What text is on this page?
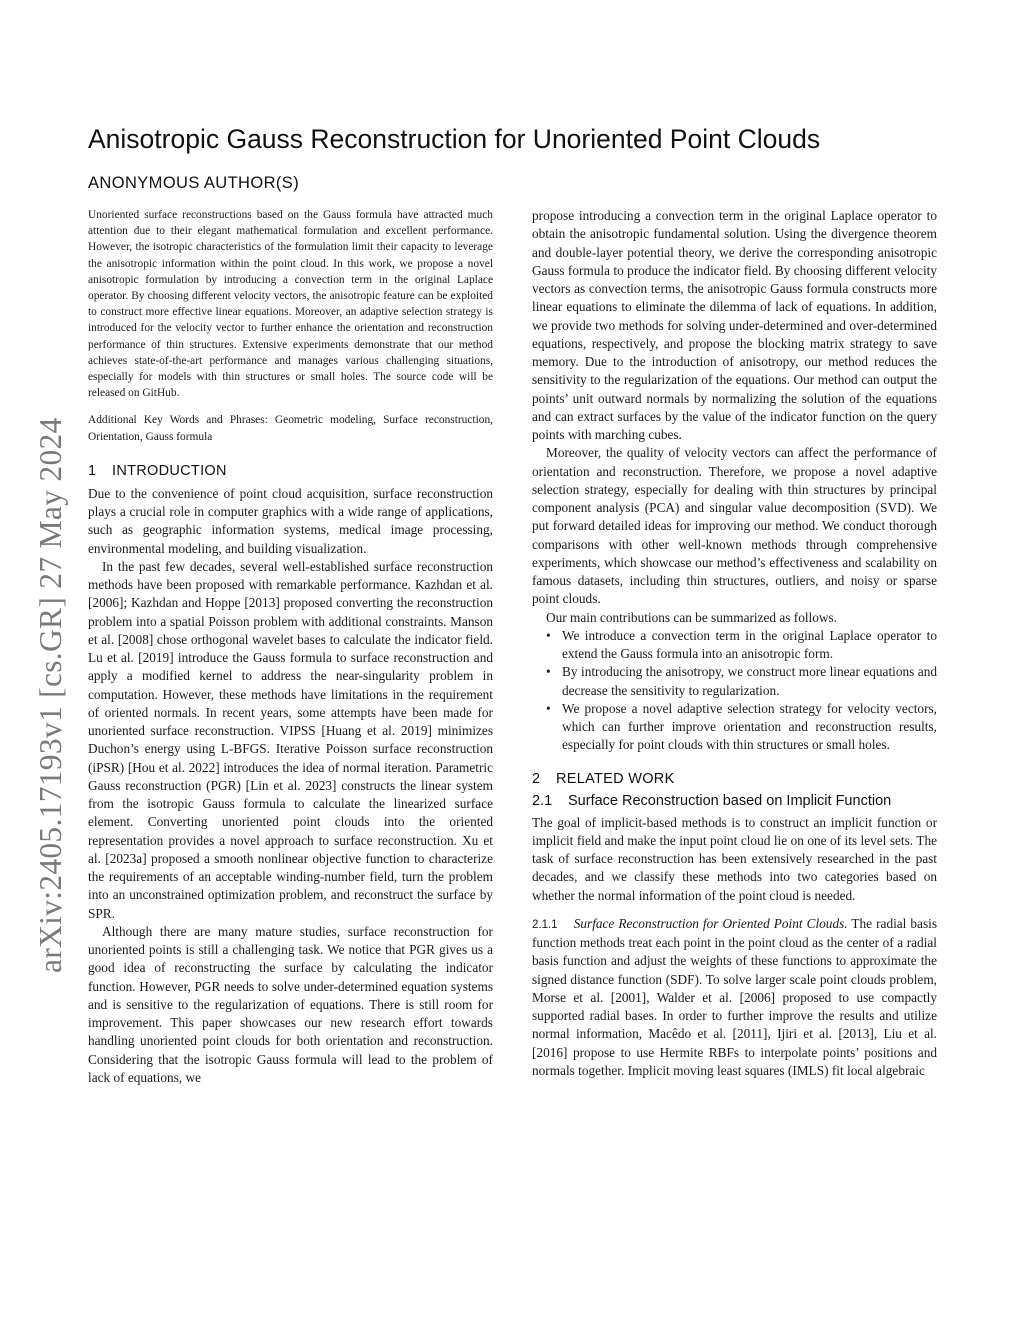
arXiv:2405.17193v1 [cs.GR] 27 May 2024
Anisotropic Gauss Reconstruction for Unoriented Point Clouds
ANONYMOUS AUTHOR(S)

Unoriented surface reconstructions based on the Gauss formula have attracted much attention due to their elegant mathematical formulation and excellent performance. However, the isotropic characteristics of the formulation limit their capacity to leverage the anisotropic information within the point cloud. In this work, we propose a novel anisotropic formulation by introducing a convection term in the original Laplace operator. By choosing different velocity vectors, the anisotropic feature can be exploited to construct more effective linear equations. Moreover, an adaptive selection strategy is introduced for the velocity vector to further enhance the orientation and reconstruction performance of thin structures. Extensive experiments demonstrate that our method achieves state-of-the-art performance and manages various challenging situations, especially for models with thin structures or small holes. The source code will be released on GitHub.

Additional Key Words and Phrases: Geometric modeling, Surface reconstruction, Orientation, Gauss formula

1 INTRODUCTION

Due to the convenience of point cloud acquisition, surface reconstruction plays a crucial role in computer graphics with a wide range of applications, such as geographic information systems, medical image processing, environmental modeling, and building visualization.

In the past few decades, several well-established surface reconstruction methods have been proposed with remarkable performance. Kazhdan et al. [2006]; Kazhdan and Hoppe [2013] proposed converting the reconstruction problem into a spatial Poisson problem with additional constraints. Manson et al. [2008] chose orthogonal wavelet bases to calculate the indicator field. Lu et al. [2019] introduce the Gauss formula to surface reconstruction and apply a modified kernel to address the near-singularity problem in computation. However, these methods have limitations in the requirement of oriented normals. In recent years, some attempts have been made for unoriented surface reconstruction. VIPSS [Huang et al. 2019] minimizes Duchon’s energy using L-BFGS. Iterative Poisson surface reconstruction (iPSR) [Hou et al. 2022] introduces the idea of normal iteration. Parametric Gauss reconstruction (PGR) [Lin et al. 2023] constructs the linear system from the isotropic Gauss formula to calculate the linearized surface element. Converting unoriented point clouds into the oriented representation provides a novel approach to surface reconstruction. Xu et al. [2023a] proposed a smooth nonlinear objective function to characterize the requirements of an acceptable winding-number field, turn the problem into an unconstrained optimization problem, and reconstruct the surface by SPR.

Although there are many mature studies, surface reconstruction for unoriented points is still a challenging task. We notice that PGR gives us a good idea of reconstructing the surface by calculating the indicator function. However, PGR needs to solve under-determined equation systems and is sensitive to the regularization of equations. There is still room for improvement. This paper showcases our new research effort towards handling unoriented point clouds for both orientation and reconstruction. Considering that the isotropic Gauss formula will lead to the problem of lack of equations, we

propose introducing a convection term in the original Laplace operator to obtain the anisotropic fundamental solution. Using the divergence theorem and double-layer potential theory, we derive the corresponding anisotropic Gauss formula to produce the indicator field. By choosing different velocity vectors as convection terms, the anisotropic Gauss formula constructs more linear equations to eliminate the dilemma of lack of equations. In addition, we provide two methods for solving under-determined and over-determined equations, respectively, and propose the blocking matrix strategy to save memory. Due to the introduction of anisotropy, our method reduces the sensitivity to the regularization of the equations. Our method can output the points’ unit outward normals by normalizing the solution of the equations and can extract surfaces by the value of the indicator function on the query points with marching cubes.

Moreover, the quality of velocity vectors can affect the performance of orientation and reconstruction. Therefore, we propose a novel adaptive selection strategy, especially for dealing with thin structures by principal component analysis (PCA) and singular value decomposition (SVD). We put forward detailed ideas for improving our method. We conduct thorough comparisons with other well-known methods through comprehensive experiments, which showcase our method’s effectiveness and scalability on famous datasets, including thin structures, outliers, and noisy or sparse point clouds.

Our main contributions can be summarized as follows.

• We introduce a convection term in the original Laplace operator to extend the Gauss formula into an anisotropic form.
• By introducing the anisotropy, we construct more linear equations and decrease the sensitivity to regularization.
• We propose a novel adaptive selection strategy for velocity vectors, which can further improve orientation and reconstruction results, especially for point clouds with thin structures or small holes.
2 RELATED WORK
2.1 Surface Reconstruction based on Implicit Function

The goal of implicit-based methods is to construct an implicit function or implicit field and make the input point cloud lie on one of its level sets. The task of surface reconstruction has been extensively researched in the past decades, and we classify these methods into two categories based on whether the normal information of the point cloud is needed.

2.1.1 Surface Reconstruction for Oriented Point Clouds. The radial basis function methods treat each point in the point cloud as the center of a radial basis function and adjust the weights of these functions to approximate the signed distance function (SDF). To solve larger scale point clouds problem, Morse et al. [2001], Walder et al. [2006] proposed to use compactly supported radial bases. In order to further improve the results and utilize normal information, Macêdo et al. [2011], Ijiri et al. [2013], Liu et al. [2016] propose to use Hermite RBFs to interpolate points’ positions and normals together. Implicit moving least squares (IMLS) fit local algebraic
